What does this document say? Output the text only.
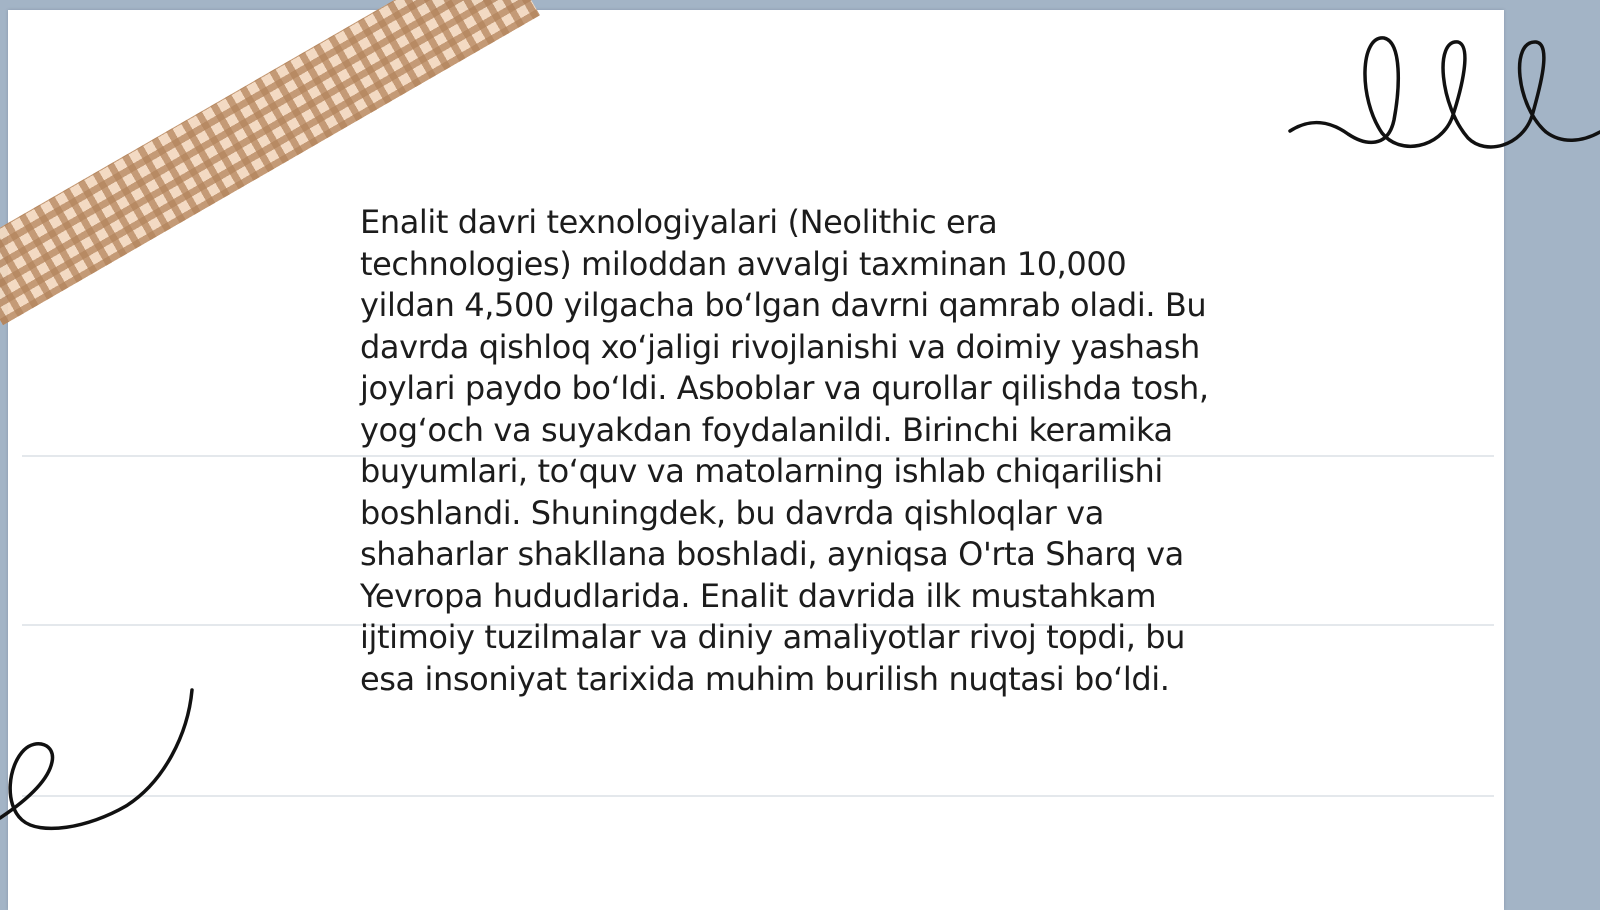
Enalit davri texnologiyalari (Neolithic era
technologies) miloddan avvalgi taxminan 10,000
yildan 4,500 yilgacha bo‘lgan davrni qamrab oladi. Bu
davrda qishloq xo‘jaligi rivojlanishi va doimiy yashash
joylari paydo bo‘ldi. Asboblar va qurollar qilishda tosh,
yog‘och va suyakdan foydalanildi. Birinchi keramika
buyumlari, to‘quv va matolarning ishlab chiqarilishi
boshlandi. Shuningdek, bu davrda qishloqlar va
shaharlar shakllana boshladi, ayniqsa O'rta Sharq va
Yevropa hududlarida. Enalit davrida ilk mustahkam
ijtimoiy tuzilmalar va diniy amaliyotlar rivoj topdi, bu
esa insoniyat tarixida muhim burilish nuqtasi bo‘ldi.
